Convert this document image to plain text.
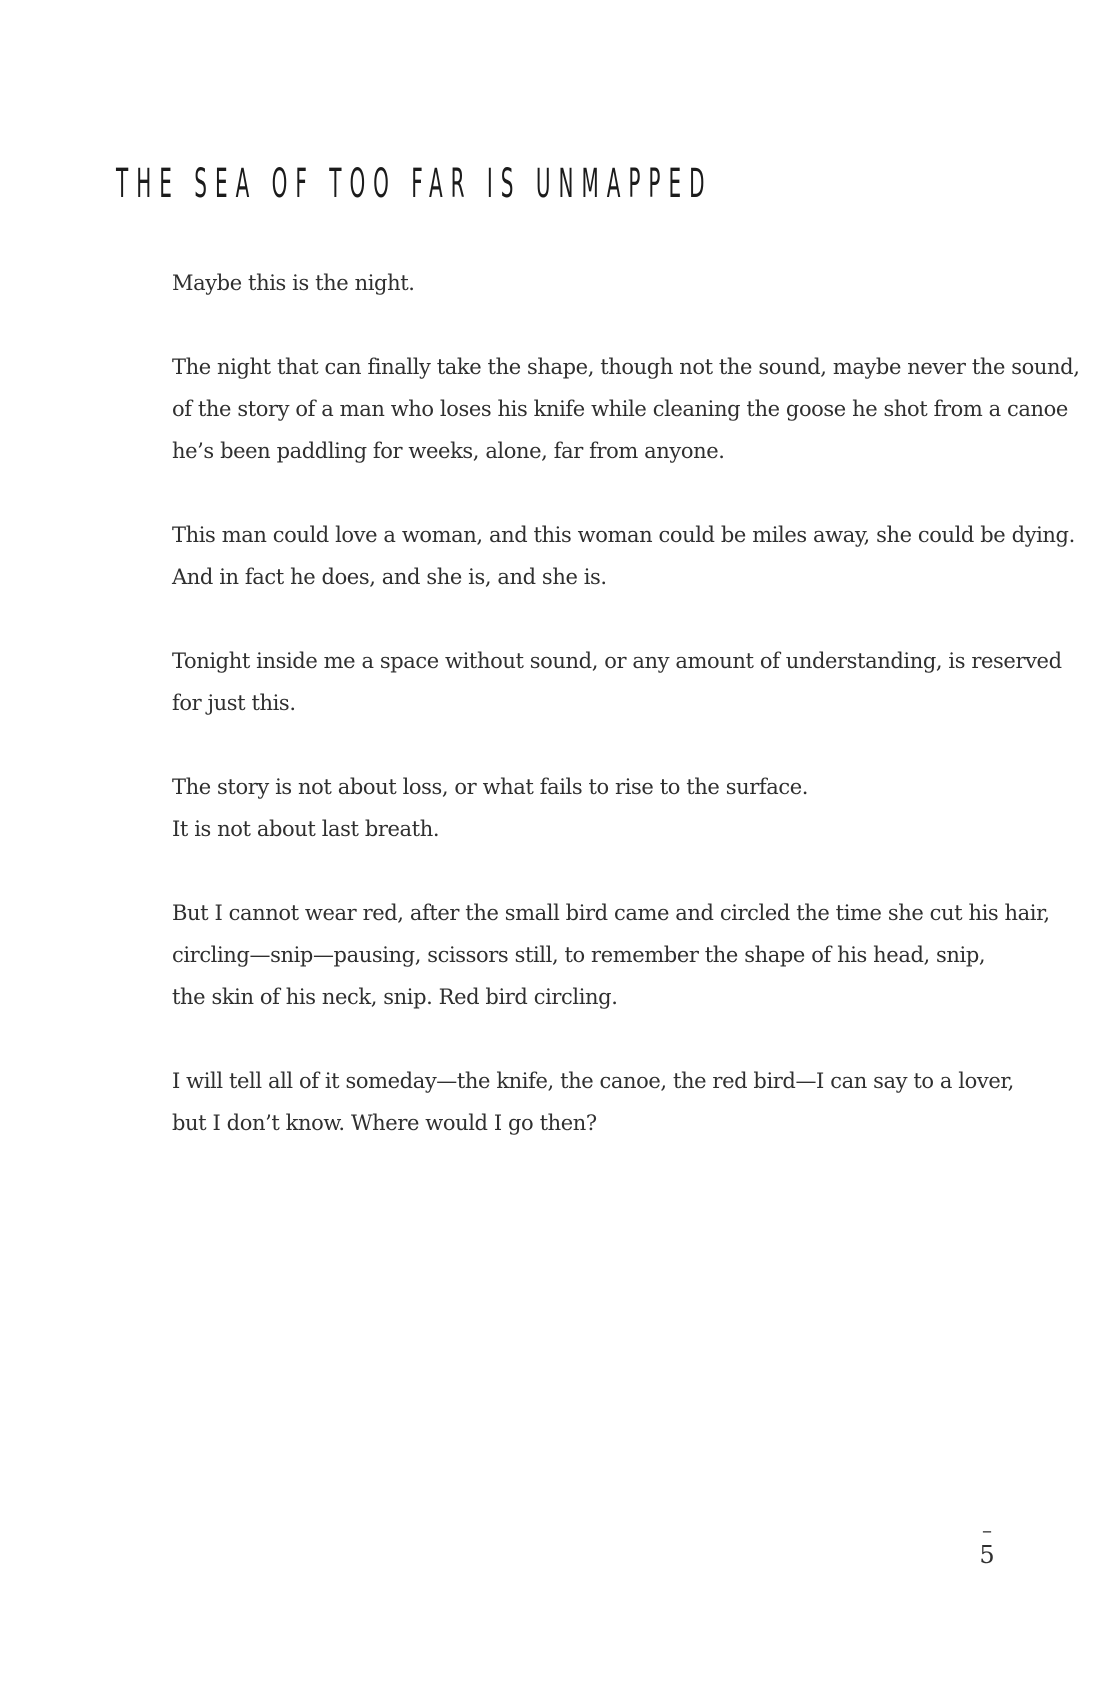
THE SEA OF TOO FAR IS UNMAPPED

Maybe this is the night.

The night that can finally take the shape, though not the sound, maybe never the sound,
of the story of a man who loses his knife while cleaning the goose he shot from a canoe
he’s been paddling for weeks, alone, far from anyone.

This man could love a woman, and this woman could be miles away, she could be dying.
And in fact he does, and she is, and she is.

Tonight inside me a space without sound, or any amount of understanding, is reserved
for just this.

The story is not about loss, or what fails to rise to the surface.
It is not about last breath.

But I cannot wear red, after the small bird came and circled the time she cut his hair,
circling—snip—pausing, scissors still, to remember the shape of his head, snip,
the skin of his neck, snip. Red bird circling.

I will tell all of it someday—the knife, the canoe, the red bird—I can say to a lover,
but I don’t know. Where would I go then?

–
5
